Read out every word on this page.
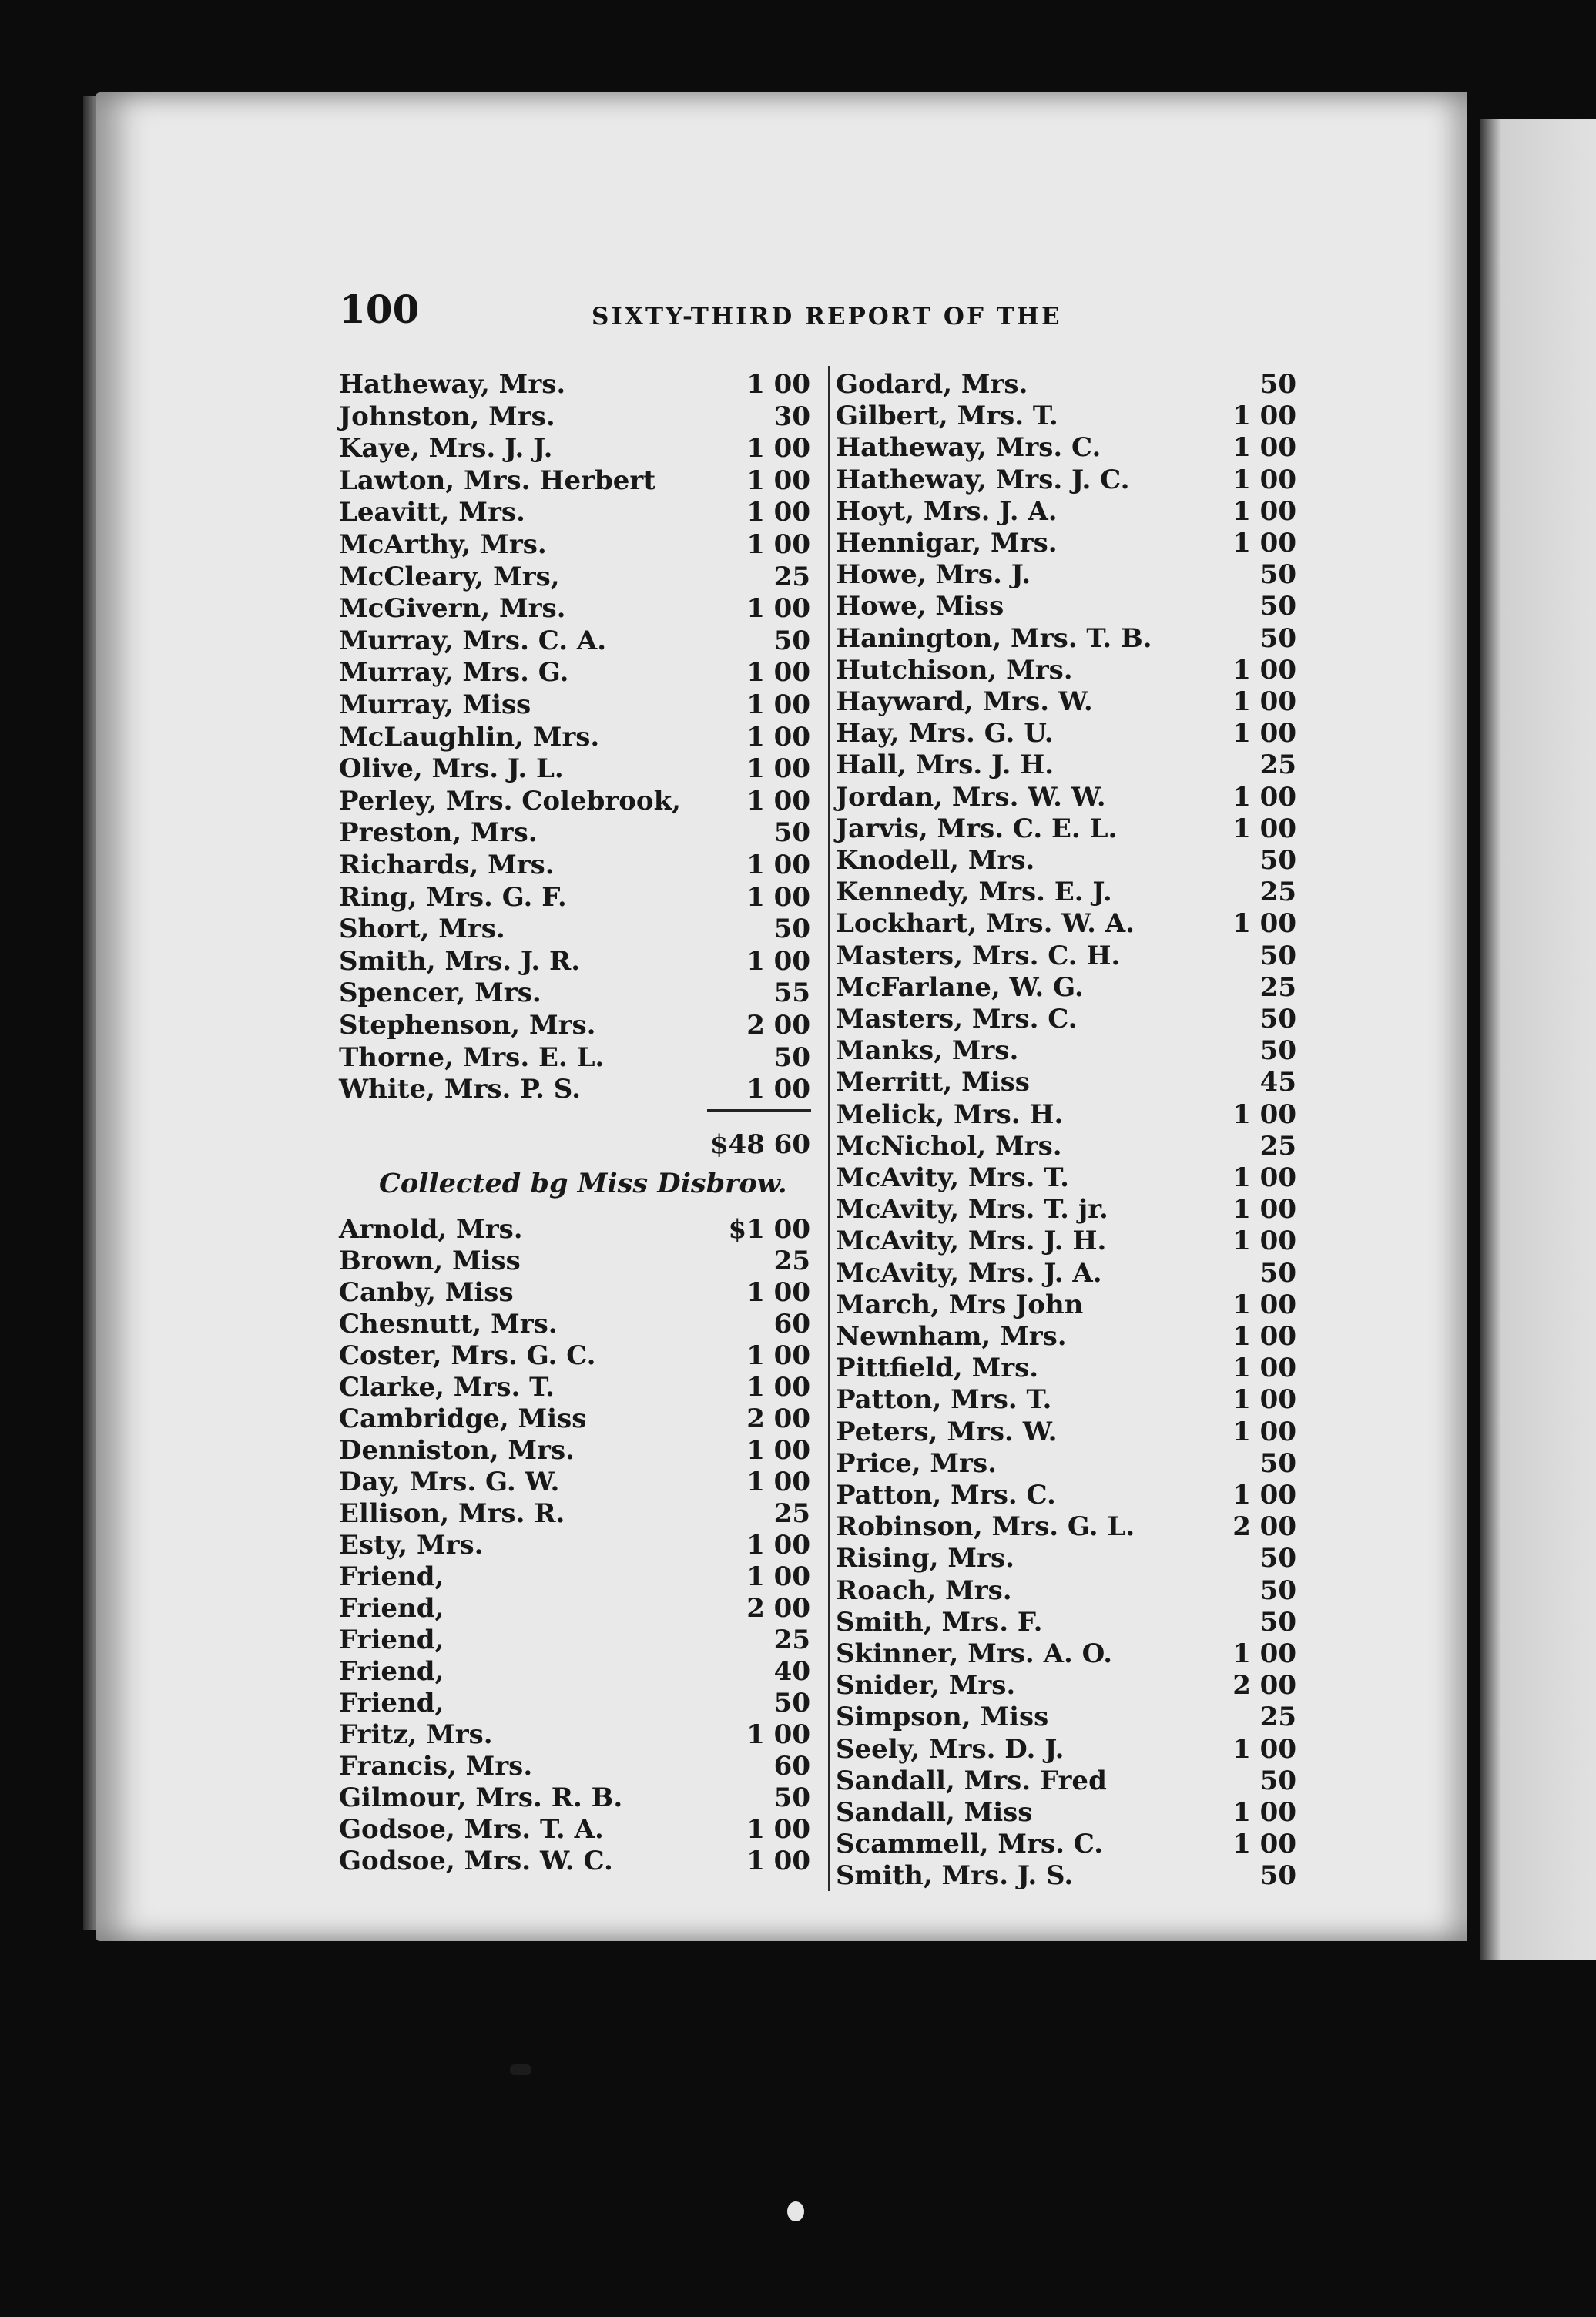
100	SIXTY-THIRD REPORT OF THE
Hatheway, Mrs.	1 00
Johnston, Mrs.	30
Kaye, Mrs. J. J.	1 00
Lawton, Mrs. Herbert	1 00
Leavitt, Mrs.	1 00
McArthy, Mrs.	1 00
McCleary, Mrs,	25
McGivern, Mrs.	1 00
Murray, Mrs. C. A.	50
Murray, Mrs. G.	1 00
Murray, Miss	1 00
McLaughlin, Mrs.	1 00
Olive, Mrs. J. L.	1 00
Perley, Mrs. Colebrook,	1 00
Preston, Mrs.	50
Richards, Mrs.	1 00
Ring, Mrs. G. F.	1 00
Short, Mrs.	50
Smith, Mrs. J. R.	1 00
Spencer, Mrs.	55
Stephenson, Mrs.	2 00
Thorne, Mrs. E. L.	50
White, Mrs. P. S.	1 00
$48 60
Collected bg Miss Disbrow.
Arnold, Mrs.	$1 00
Brown, Miss	25
Canby, Miss	1 00
Chesnutt, Mrs.	60
Coster, Mrs. G. C.	1 00
Clarke, Mrs. T.	1 00
Cambridge, Miss	2 00
Denniston, Mrs.	1 00
Day, Mrs. G. W.	1 00
Ellison, Mrs. R.	25
Esty, Mrs.	1 00
Friend,	1 00
Friend,	2 00
Friend,	25
Friend,	40
Friend,	50
Fritz, Mrs.	1 00
Francis, Mrs.	60
Gilmour, Mrs. R. B.	50
Godsoe, Mrs. T. A.	1 00
Godsoe, Mrs. W. C.	1 00
Godard, Mrs.	50
Gilbert, Mrs. T.	1 00
Hatheway, Mrs. C.	1 00
Hatheway, Mrs. J. C.	1 00
Hoyt, Mrs. J. A.	1 00
Hennigar, Mrs.	1 00
Howe, Mrs. J.	50
Howe, Miss	50
Hanington, Mrs. T. B.	50
Hutchison, Mrs.	1 00
Hayward, Mrs. W.	1 00
Hay, Mrs. G. U.	1 00
Hall, Mrs. J. H.	25
Jordan, Mrs. W. W.	1 00
Jarvis, Mrs. C. E. L.	1 00
Knodell, Mrs.	50
Kennedy, Mrs. E. J.	25
Lockhart, Mrs. W. A.	1 00
Masters, Mrs. C. H.	50
McFarlane, W. G.	25
Masters, Mrs. C.	50
Manks, Mrs.	50
Merritt, Miss	45
Melick, Mrs. H.	1 00
McNichol, Mrs.	25
McAvity, Mrs. T.	1 00
McAvity, Mrs. T. jr.	1 00
McAvity, Mrs. J. H.	1 00
McAvity, Mrs. J. A.	50
March, Mrs John	1 00
Newnham, Mrs.	1 00
Pittfield, Mrs.	1 00
Patton, Mrs. T.	1 00
Peters, Mrs. W.	1 00
Price, Mrs.	50
Patton, Mrs. C.	1 00
Robinson, Mrs. G. L.	2 00
Rising, Mrs.	50
Roach, Mrs.	50
Smith, Mrs. F.	50
Skinner, Mrs. A. O.	1 00
Snider, Mrs.	2 00
Simpson, Miss	25
Seely, Mrs. D. J.	1 00
Sandall, Mrs. Fred	50
Sandall, Miss	1 00
Scammell, Mrs. C.	1 00
Smith, Mrs. J. S.	50
